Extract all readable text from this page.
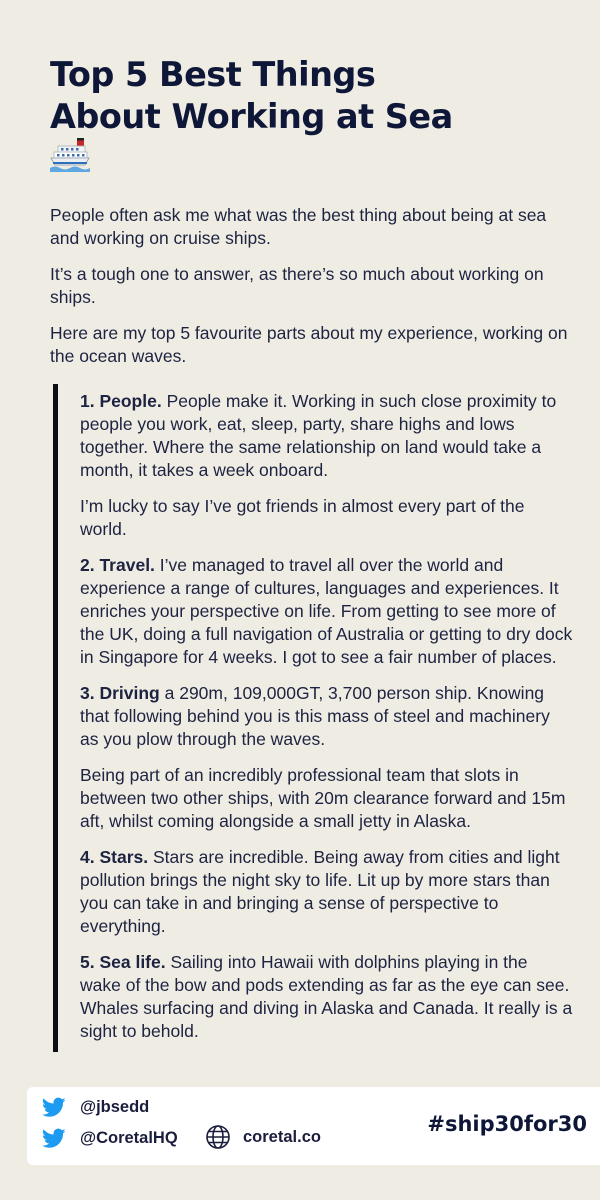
Top 5 Best Things
About Working at Sea

People often ask me what was the best thing about being at sea and working on cruise ships.

It’s a tough one to answer, as there’s so much about working on ships.

Here are my top 5 favourite parts about my experience, working on the ocean waves.

1. People. People make it. Working in such close proximity to people you work, eat, sleep, party, share highs and lows together. Where the same relationship on land would take a month, it takes a week onboard.

I’m lucky to say I’ve got friends in almost every part of the world.

2. Travel. I’ve managed to travel all over the world and experience a range of cultures, languages and experiences. It enriches your perspective on life. From getting to see more of the UK, doing a full navigation of Australia or getting to dry dock in Singapore for 4 weeks. I got to see a fair number of places.

3. Driving a 290m, 109,000GT, 3,700 person ship. Knowing that following behind you is this mass of steel and machinery as you plow through the waves.

Being part of an incredibly professional team that slots in between two other ships, with 20m clearance forward and 15m aft, whilst coming alongside a small jetty in Alaska.

4. Stars. Stars are incredible. Being away from cities and light pollution brings the night sky to life. Lit up by more stars than you can take in and bringing a sense of perspective to everything.

5. Sea life. Sailing into Hawaii with dolphins playing in the wake of the bow and pods extending as far as the eye can see. Whales surfacing and diving in Alaska and Canada. It really is a sight to behold.

@jbsedd
@CoretalHQ	coretal.co
#ship30for30
